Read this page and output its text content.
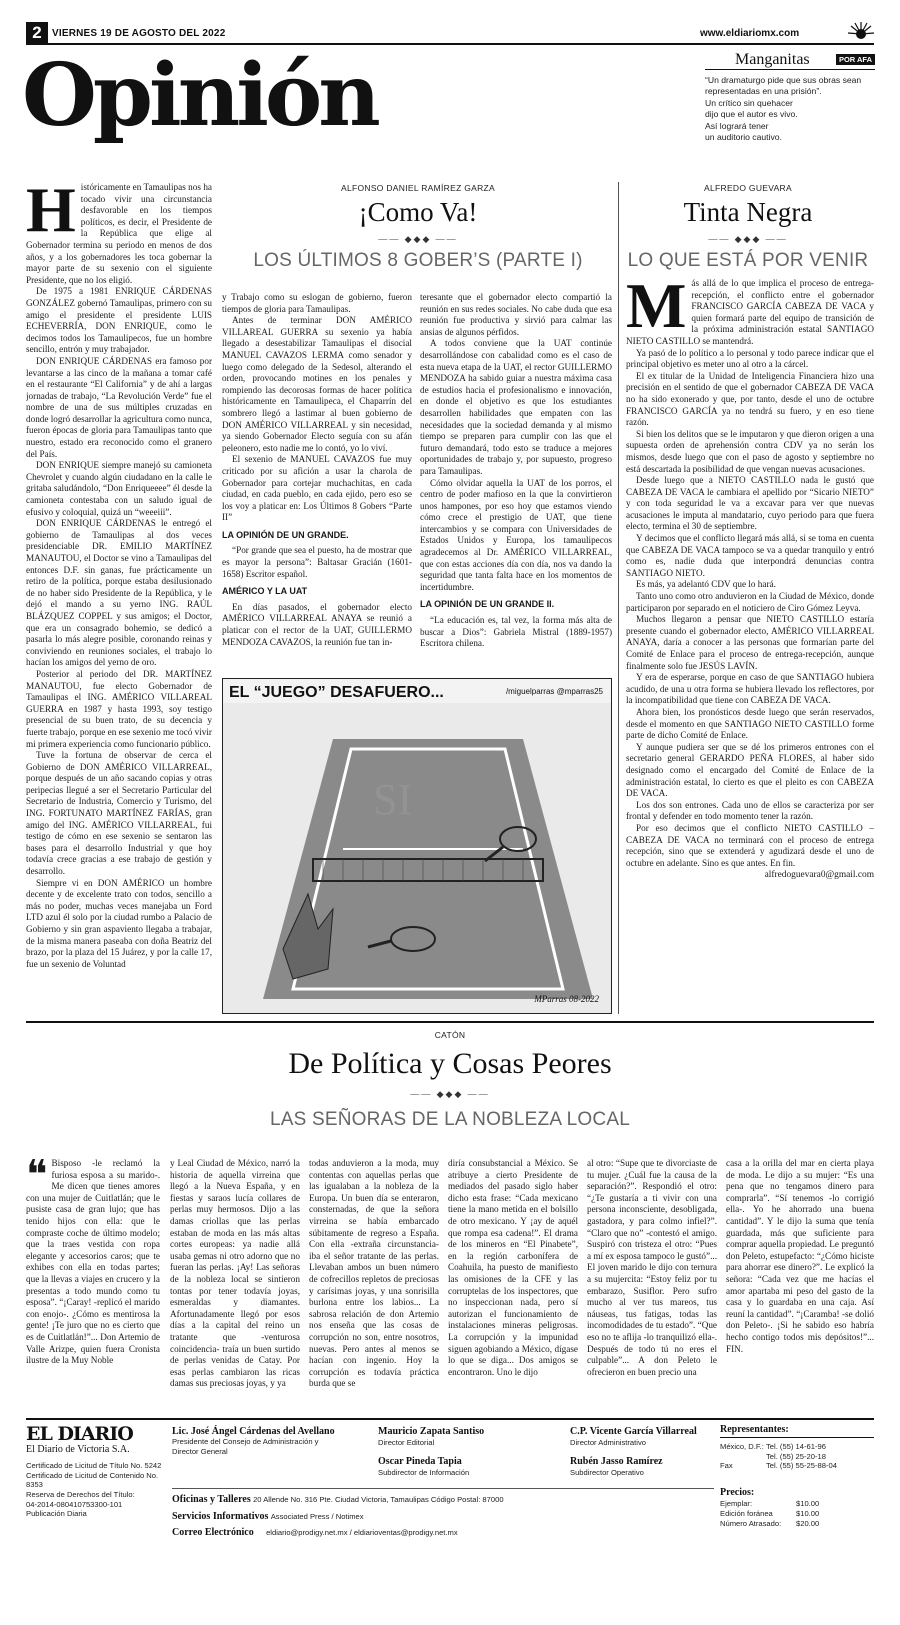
2	VIERNES 19 DE AGOSTO DEL 2022	www.eldiariomx.com
Opinión	Manganitas	POR AFA
“Un dramaturgo pide que sus obras sean
representadas en una prisión”.
Un crítico sin quehacer
dijo que el autor es vivo.
Así logrará tener
un auditorio cautivo.
ALFONSO DANIEL RAMÍREZ GARZA
¡Como Va!
—— ◆◆◆ ——
LOS ÚLTIMOS 8 GOBER’S (PARTE I)
ALFREDO GUEVARA
Tinta Negra
—— ◆◆◆ ——
LO QUE ESTÁ POR VENIR
H istóricamente en Tamaulipas nos ha tocado vivir una circunstancia desfavorable en los tiempos políticos, es decir, el Presidente de la República que elige al Gobernador termina su periodo en menos de dos años, y a los gobernadores les toca gobernar la mayor parte de su sexenio con el siguiente Presidente, que no los eligió.

De 1975 a 1981 ENRIQUE CÁRDENAS GONZÁLEZ gobernó Tamaulipas, primero con su amigo el presidente el presidente LUIS ECHEVERRÍA, DON ENRIQUE, como le decimos todos los Tamaulipecos, fue un hombre sencillo, entrón y muy trabajador.

DON ENRIQUE CÁRDENAS era famoso por levantarse a las cinco de la mañana a tomar café en el restaurante “El California” y de ahí a largas jornadas de trabajo, “La Revolución Verde” fue el nombre de una de sus múltiples cruzadas en donde logró desarrollar la agricultura como nunca, fueron épocas de gloria para Tamaulipas tanto que nuestro, estado era reconocido como el granero del País.

DON ENRIQUE siempre manejó su camioneta Chevrolet y cuando algún ciudadano en la calle le gritaba saludándolo, “Don Enriqueeee” él desde la camioneta contestaba con un saludo igual de efusivo y coloquial, quizá un “weeeiii”.

DON ENRIQUE CÁRDENAS le entregó el gobierno de Tamaulipas al dos veces presidenciable DR. EMILIO MARTÍNEZ MANAUTOU, el Doctor se vino a Tamaulipas del entonces D.F. sin ganas, fue prácticamente un retiro de la política, porque estaba desilusionado de no haber sido Presidente de la República, y le dejó el mando a su yerno ING. RAÚL BLÁZQUEZ COPPEL y sus amigos; el Doctor, que era un consagrado bohemio, se dedicó a pasarla lo más alegre posible, coronando reinas y conviviendo en reuniones sociales, el trabajo lo hacían los amigos del yerno de oro.

Posterior al periodo del DR. MARTÍNEZ MANAUTOU, fue electo Gobernador de Tamaulipas el ING. AMÉRICO VILLAREAL GUERRA en 1987 y hasta 1993, soy testigo presencial de su buen trato, de su decencia y fuerte trabajo, porque en ese sexenio me tocó vivir mi primera experiencia como funcionario público.

Tuve la fortuna de observar de cerca el Gobierno de DON AMÉRICO VILLARREAL, porque después de un año sacando copias y otras peripecias llegué a ser el Secretario Particular del Secretario de Industria, Comercio y Turismo, del ING. FORTUNATO MARTÍNEZ FARÍAS, gran amigo del ING. AMÉRICO VILLARREAL, fui testigo de cómo en ese sexenio se sentaron las bases para el desarrollo Industrial y que hoy todavía crece gracias a ese trabajo de gestión y desarrollo.

Siempre vi en DON AMÉRICO un hombre decente y de excelente trato con todos, sencillo a más no poder, muchas veces manejaba un Ford LTD azul él solo por la ciudad rumbo a Palacio de Gobierno y sin gran aspaviento llegaba a trabajar, de la misma manera paseaba con doña Beatriz del brazo, por la plaza del 15 Juárez, y por la calle 17, fue un sexenio de Voluntad

y Trabajo como su eslogan de gobierno, fueron tiempos de gloria para Tamaulipas.

Antes de terminar DON AMÉRICO VILLAREAL GUERRA su sexenio ya había llegado a desestabilizar Tamaulipas el disocial MANUEL CAVAZOS LERMA como senador y luego como delegado de la Sedesol, alterando el orden, provocando motines en los penales y rompiendo las decorosas formas de hacer política históricamente en Tamaulipeca, el Chaparrín del sombrero llegó a lastimar al buen gobierno de DON AMÉRICO VILLARREAL y sin necesidad, ya siendo Gobernador Electo seguía con su afán peleonero, esto nadie me lo contó, yo lo viví.

El sexenio de MANUEL CAVAZOS fue muy criticado por su afición a usar la charola de Gobernador para cortejar muchachitas, en cada ciudad, en cada pueblo, en cada ejido, pero eso se los voy a platicar en: Los Últimos 8 Gobers “Parte II”

LA OPINIÓN DE UN GRANDE.

“Por grande que sea el puesto, ha de mostrar que es mayor la persona”: Baltasar Gracián (1601-1658) Escritor español.

AMÉRICO Y LA UAT

En días pasados, el gobernador electo AMÉRICO VILLARREAL ANAYA se reunió a platicar con el rector de la UAT, GUILLERMO MENDOZA CAVAZOS, la reunión fue tan in-

teresante que el gobernador electo compartió la reunión en sus redes sociales. No cabe duda que esa reunión fue productiva y sirvió para calmar las ansias de algunos pérfidos.

A todos conviene que la UAT continúe desarrollándose con cabalidad como es el caso de esta nueva etapa de la UAT, el rector GUILLERMO MENDOZA ha sabido guiar a nuestra máxima casa de estudios hacia el profesionalismo e innovación, en donde el objetivo es que los estudiantes desarrollen habilidades que empaten con las necesidades que la sociedad demanda y al mismo tiempo se preparen para cumplir con las que el futuro demandará, todo esto se traduce a mejores oportunidades de trabajo y, por supuesto, progreso para Tamaulipas.

Cómo olvidar aquella la UAT de los porros, el centro de poder mafioso en la que la convirtieron unos hampones, por eso hoy que estamos viendo cómo crece el prestigio de UAT, que tiene intercambios y se compara con Universidades de Estados Unidos y Europa, los tamaulipecos agradecemos al Dr. AMÉRICO VILLARREAL, que con estas acciones día con día, nos va dando la seguridad que tanta falta hace en los momentos de incertidumbre.

LA OPINIÓN DE UN GRANDE II.

“La educación es, tal vez, la forma más alta de buscar a Dios”: Gabriela Mistral (1889-1957) Escritora chilena.

EL “JUEGO” DESAFUERO...	/miguelparras @mparras25
SI
MParras 08-2022
M ás allá de lo que implica el proceso de entrega-recepción, el conflicto entre el gobernador FRANCISCO GARCÍA CABEZA DE VACA y quien formará parte del equipo de transición de la próxima administración estatal SANTIAGO NIETO CASTILLO se mantendrá.

Ya pasó de lo político a lo personal y todo parece indicar que el principal objetivo es meter uno al otro a la cárcel.

El ex titular de la Unidad de Inteligencia Financiera hizo una precisión en el sentido de que el gobernador CABEZA DE VACA no ha sido exonerado y que, por tanto, desde el uno de octubre FRANCISCO GARCÍA ya no tendrá su fuero, y en eso tiene razón.

Si bien los delitos que se le imputaron y que dieron origen a una supuesta orden de aprehensión contra CDV ya no serán los mismos, desde luego que con el paso de agosto y septiembre no está descartada la posibilidad de que vengan nuevas acusaciones.

Desde luego que a NIETO CASTILLO nada le gustó que CABEZA DE VACA le cambiara el apellido por “Sicario NIETO” y con toda seguridad le va a excavar para ver que nuevas acusaciones le imputa al mandatario, cuyo periodo para que fuera electo, termina el 30 de septiembre.

Y decimos que el conflicto llegará más allá, si se toma en cuenta que CABEZA DE VACA tampoco se va a quedar tranquilo y entró como es, nadie duda que interpondrá denuncias contra SANTIAGO NIETO.

Es más, ya adelantó CDV que lo hará.

Tanto uno como otro anduvieron en la Ciudad de México, donde participaron por separado en el noticiero de Ciro Gómez Leyva.

Muchos llegaron a pensar que NIETO CASTILLO estaría presente cuando el gobernador electo, AMÉRICO VILLARREAL ANAYA, daría a conocer a las personas que formarían parte del Comité de Enlace para el proceso de entrega-recepción, aunque finalmente solo fue JESÚS LAVÍN.

Y era de esperarse, porque en caso de que SANTIAGO hubiera acudido, de una u otra forma se hubiera llevado los reflectores, por la incompatibilidad que tiene con CABEZA DE VACA.

Ahora bien, los pronósticos desde luego que serán reservados, desde el momento en que SANTIAGO NIETO CASTILLO forme parte de dicho Comité de Enlace.

Y aunque pudiera ser que se dé los primeros entrones con el secretario general GERARDO PEÑA FLORES, al haber sido designado como el encargado del Comité de Enlace de la administración estatal, lo cierto es que el pleito es con CABEZA DE VACA.

Los dos son entrones. Cada uno de ellos se caracteriza por ser frontal y defender en todo momento tener la razón.

Por eso decimos que el conflicto NIETO CASTILLO – CABEZA DE VACA no terminará con el proceso de entrega recepción, sino que se extenderá y agudizará desde el uno de octubre en adelante. Sino es que antes. En fin.

alfredoguevara0@gmail.com
CATÓN
De Política y Cosas Peores
—— ◆◆◆ ——
LAS SEÑORAS DE LA NOBLEZA LOCAL
❝ Bisposo -le reclamó la furiosa esposa a su marido-. Me dicen que tienes amores con una mujer de Cuitlatlán; que le pusiste casa de gran lujo; que has tenido hijos con ella: que le compraste coche de último modelo; que la traes vestida con ropa elegante y accesorios caros; que te exhibes con ella en todas partes; que la llevas a viajes en crucero y la presentas a todo mundo como tu esposa”. “¡Caray! -replicó el marido con enojo-. ¿Cómo es mentirosa la gente! ¡Te juro que no es cierto que es de Cuitlatlán!”... Don Artemio de Valle Arizpe, quien fuera Cronista ilustre de la Muy Noble

y Leal Ciudad de México, narró la historia de aquella virreina que llegó a la Nueva España, y en fiestas y saraos lucía collares de perlas muy hermosos. Dijo a las damas criollas que las perlas estaban de moda en las más altas cortes europeas: ya nadie allá usaba gemas ni otro adorno que no fueran las perlas. ¡Ay! Las señoras de la nobleza local se sintieron tontas por tener todavía joyas, esmeraldas y diamantes. Afortunadamente llegó por esos días a la capital del reino un tratante que -venturosa coincidencia- traía un buen surtido de perlas venidas de Catay. Por esas perlas cambiaron las ricas damas sus preciosas joyas, y ya

todas anduvieron a la moda, muy contentas con aquellas perlas que las igualaban a la nobleza de la Europa. Un buen día se enteraron, consternadas, de que la señora virreina se había embarcado súbitamente de regreso a España. Con ella -extraña circunstancia- iba el señor tratante de las perlas. Llevaban ambos un buen número de cofrecillos repletos de preciosas y carísimas joyas, y una sonrisilla burlona entre los labios... La sabrosa relación de don Artemio nos enseña que las cosas de corrupción no son, entre nosotros, nuevas. Pero antes al menos se hacían con ingenio. Hoy la corrupción es todavía práctica burda que se

diría consubstancial a México. Se atribuye a cierto Presidente de mediados del pasado siglo haber dicho esta frase: “Cada mexicano tiene la mano metida en el bolsillo de otro mexicano. Y ¡ay de aquél que rompa esa cadena!”. El drama de los mineros en “El Pinabete”, en la región carbonífera de Coahuila, ha puesto de manifiesto las omisiones de la CFE y las corruptelas de los inspectores, que no inspeccionan nada, pero sí autorizan el funcionamiento de instalaciones mineras peligrosas. La corrupción y la impunidad siguen agobiando a México, dígase lo que se diga... Dos amigos se encontraron. Uno le dijo

al otro: “Supe que te divorciaste de tu mujer. ¿Cuál fue la causa de la separación?”. Respondió el otro: “¿Te gustaría a ti vivir con una persona inconsciente, desobligada, gastadora, y para colmo infiel?”. “Claro que no” -contestó el amigo. Suspiró con tristeza el otro: “Pues a mí ex esposa tampoco le gustó”... El joven marido le dijo con ternura a su mujercita: “Estoy feliz por tu embarazo, Susiflor. Pero sufro mucho al ver tus mareos, tus náuseas, tus fatigas, todas las incomodidades de tu estado”. “Que eso no te aflija -lo tranquilizó ella-. Después de todo tú no eres el culpable”... A don Peleto le ofrecieron en buen precio una

casa a la orilla del mar en cierta playa de moda. Le dijo a su mujer: “Es una pena que no tengamos dinero para comprarla”. “Sí tenemos -lo corrigió ella-. Yo he ahorrado una buena cantidad”. Y le dijo la suma que tenía guardada, más que suficiente para comprar aquella propiedad. Le preguntó don Peleto, estupefacto: “¿Cómo hiciste para ahorrar ese dinero?”. Le explicó la señora: “Cada vez que me hacías el amor apartaba mi peso del gasto de la casa y lo guardaba en una caja. Así reuní la cantidad”. “¡Caramba! -se dolió don Peleto-. ¡Si he sabido eso habría hecho contigo todos mis depósitos!”... FIN.

EL DIARIO
El Diario de Victoria S.A.
Certificado de Licitud de Título No. 5242
Certificado de Licitud de Contenido No. 8353
Reserva de Derechos del Título:
04-2014-080410753300-101
Publicación Diaria
Lic. José Ángel Cárdenas del Avellano
Presidente del Consejo de Administración y Director General
Mauricio Zapata Santiso
Director Editorial
Oscar Pineda Tapia
Subdirector de Información
C.P. Vicente García Villarreal
Director Administrativo
Rubén Jasso Ramírez
Subdirector Operativo
Oficinas y Talleres 20 Allende No. 316 Pte. Ciudad Victoria, Tamaulipas Código Postal: 87000
Servicios Informativos Associated Press / Notimex
Correo Electrónico eldiario@prodigy.net.mx / eldiarioventas@prodigy.net.mx
Representantes:
México, D.F.: Tel. (55) 14-61-96
Tel. (55) 25-20-18
Fax	Tel. (55) 55-25-88-04
Precios:
Ejemplar:	$10.00
Edición foránea	$10.00
Número Atrasado:	$20.00
